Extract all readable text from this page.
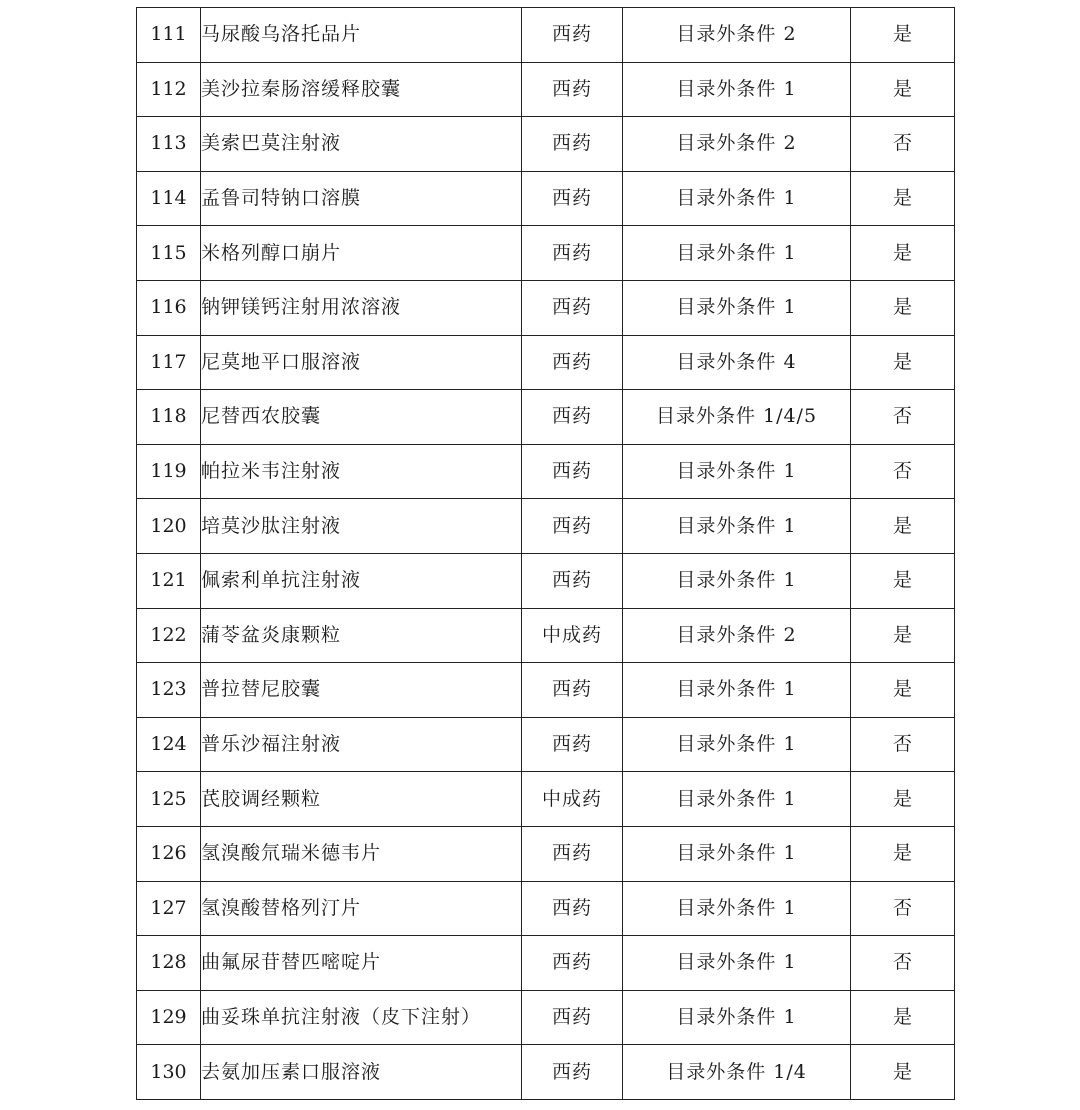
111	马尿酸乌洛托品片	西药	目录外条件 2	是
112	美沙拉秦肠溶缓释胶囊	西药	目录外条件 1	是
113	美索巴莫注射液	西药	目录外条件 2	否
114	孟鲁司特钠口溶膜	西药	目录外条件 1	是
115	米格列醇口崩片	西药	目录外条件 1	是
116	钠钾镁钙注射用浓溶液	西药	目录外条件 1	是
117	尼莫地平口服溶液	西药	目录外条件 4	是
118	尼替西农胶囊	西药	目录外条件 1/4/5	否
119	帕拉米韦注射液	西药	目录外条件 1	否
120	培莫沙肽注射液	西药	目录外条件 1	是
121	佩索利单抗注射液	西药	目录外条件 1	是
122	蒲苓盆炎康颗粒	中成药	目录外条件 2	是
123	普拉替尼胶囊	西药	目录外条件 1	是
124	普乐沙福注射液	西药	目录外条件 1	否
125	芪胶调经颗粒	中成药	目录外条件 1	是
126	氢溴酸氘瑞米德韦片	西药	目录外条件 1	是
127	氢溴酸替格列汀片	西药	目录外条件 1	否
128	曲氟尿苷替匹嘧啶片	西药	目录外条件 1	否
129	曲妥珠单抗注射液（皮下注射）	西药	目录外条件 1	是
130	去氨加压素口服溶液	西药	目录外条件 1/4	是
